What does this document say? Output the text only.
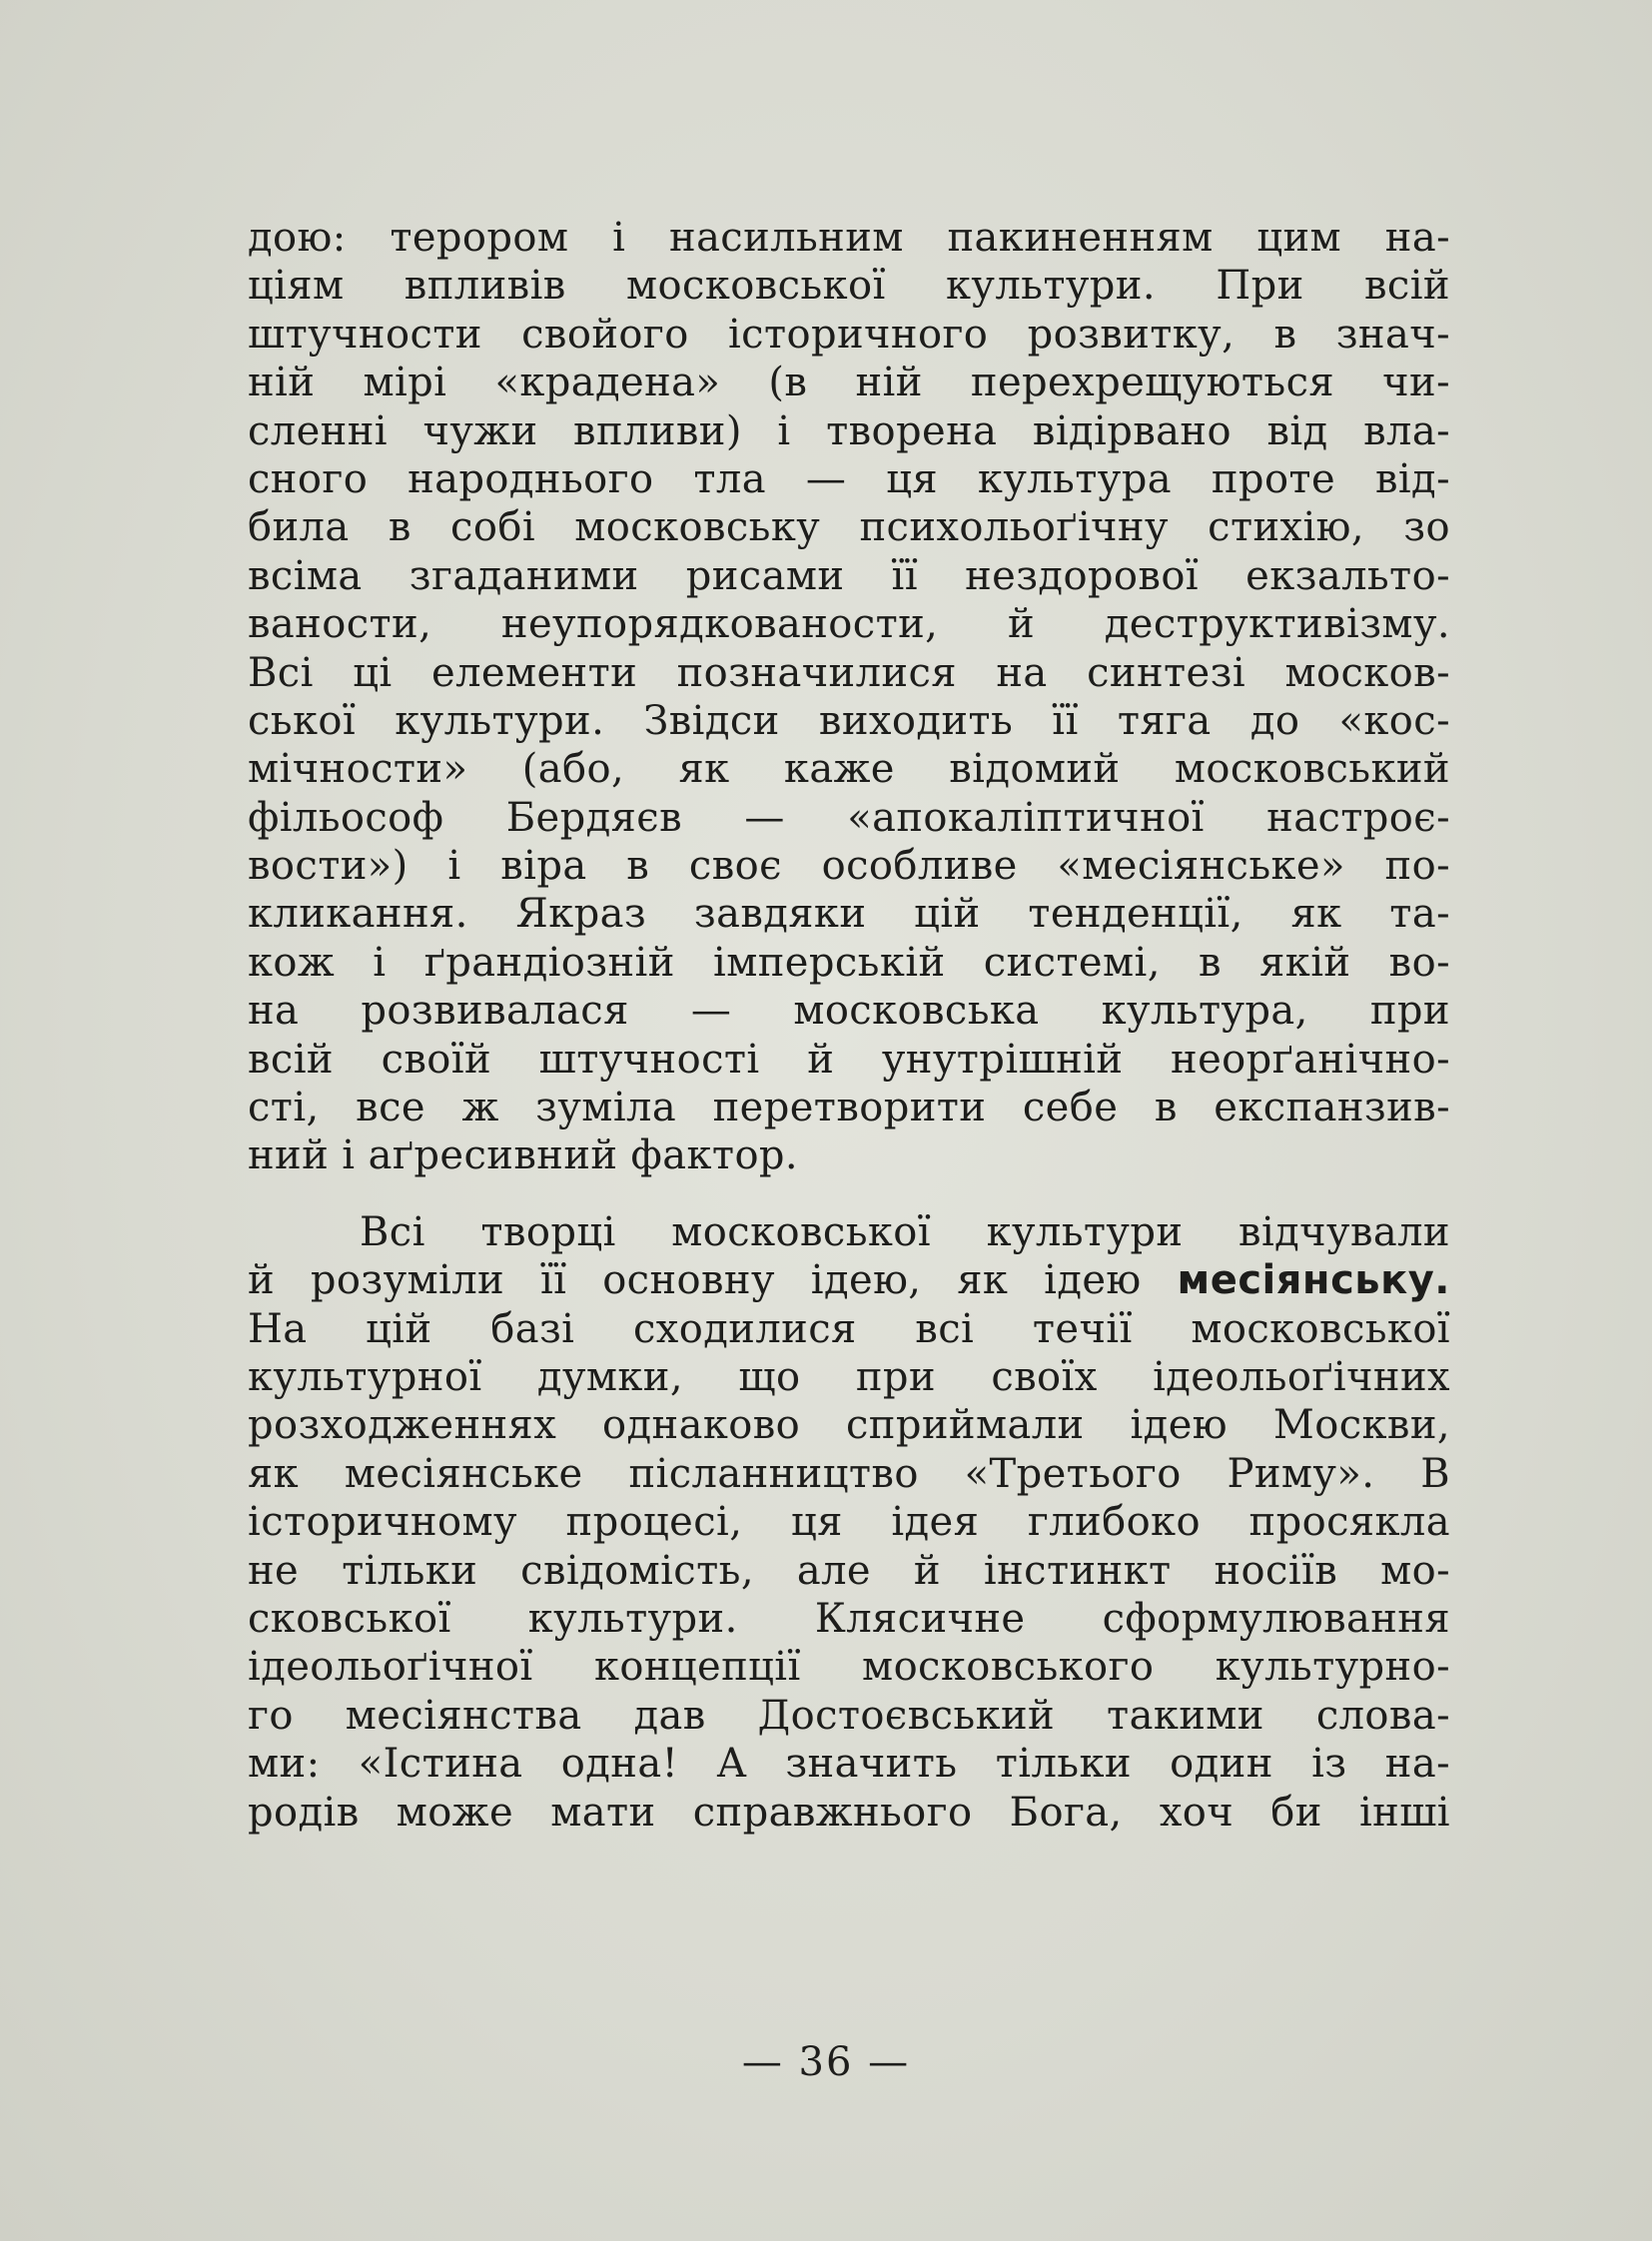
дою: терором і насильним пакиненням цим на-
ціям впливів московської культури. При всій
штучности свойого історичного розвитку, в знач-
ній мірі «крадена» (в ній перехрещуються чи-
сленні чужи впливи) і творена відірвано від вла-
сного народнього тла — ця культура проте від-
била в собі московську психольоґічну стихію, зо
всіма згаданими рисами її нездорової екзальто-
ваности, неупорядкованости, й деструктивізму.
Всі ці елементи позначилися на синтезі москов-
ської культури. Звідси виходить її тяга до «кос-
мічности» (або, як каже відомий московський
фільософ Бердяєв — «апокаліптичної настроє-
вости») і віра в своє особливе «месіянське» по-
кликання. Якраз завдяки цій тенденції, як та-
кож і ґрандіозній імперській системі, в якій во-
на розвивалася — московська культура, при
всій своїй штучності й унутрішній неорґанічно-
сті, все ж зуміла перетворити себе в експанзив-
ний і аґресивний фактор.
Всі творці московської культури відчували
й розуміли її основну ідею, як ідею месіянську.
На цій базі сходилися всі течії московської
культурної думки, що при своїх ідеольоґічних
розходженнях однаково сприймали ідею Москви,
як месіянське післанництво «Третього Риму». В
історичному процесі, ця ідея глибоко просякла
не тільки свідомість, але й інстинкт носіїв мо-
сковської культури. Клясичне сформулювання
ідеольоґічної концепції московського культурно-
го месіянства дав Достоєвський такими слова-
ми: «Істина одна! А значить тільки один із на-
родів може мати справжнього Бога, хоч би інші
— 36 —
